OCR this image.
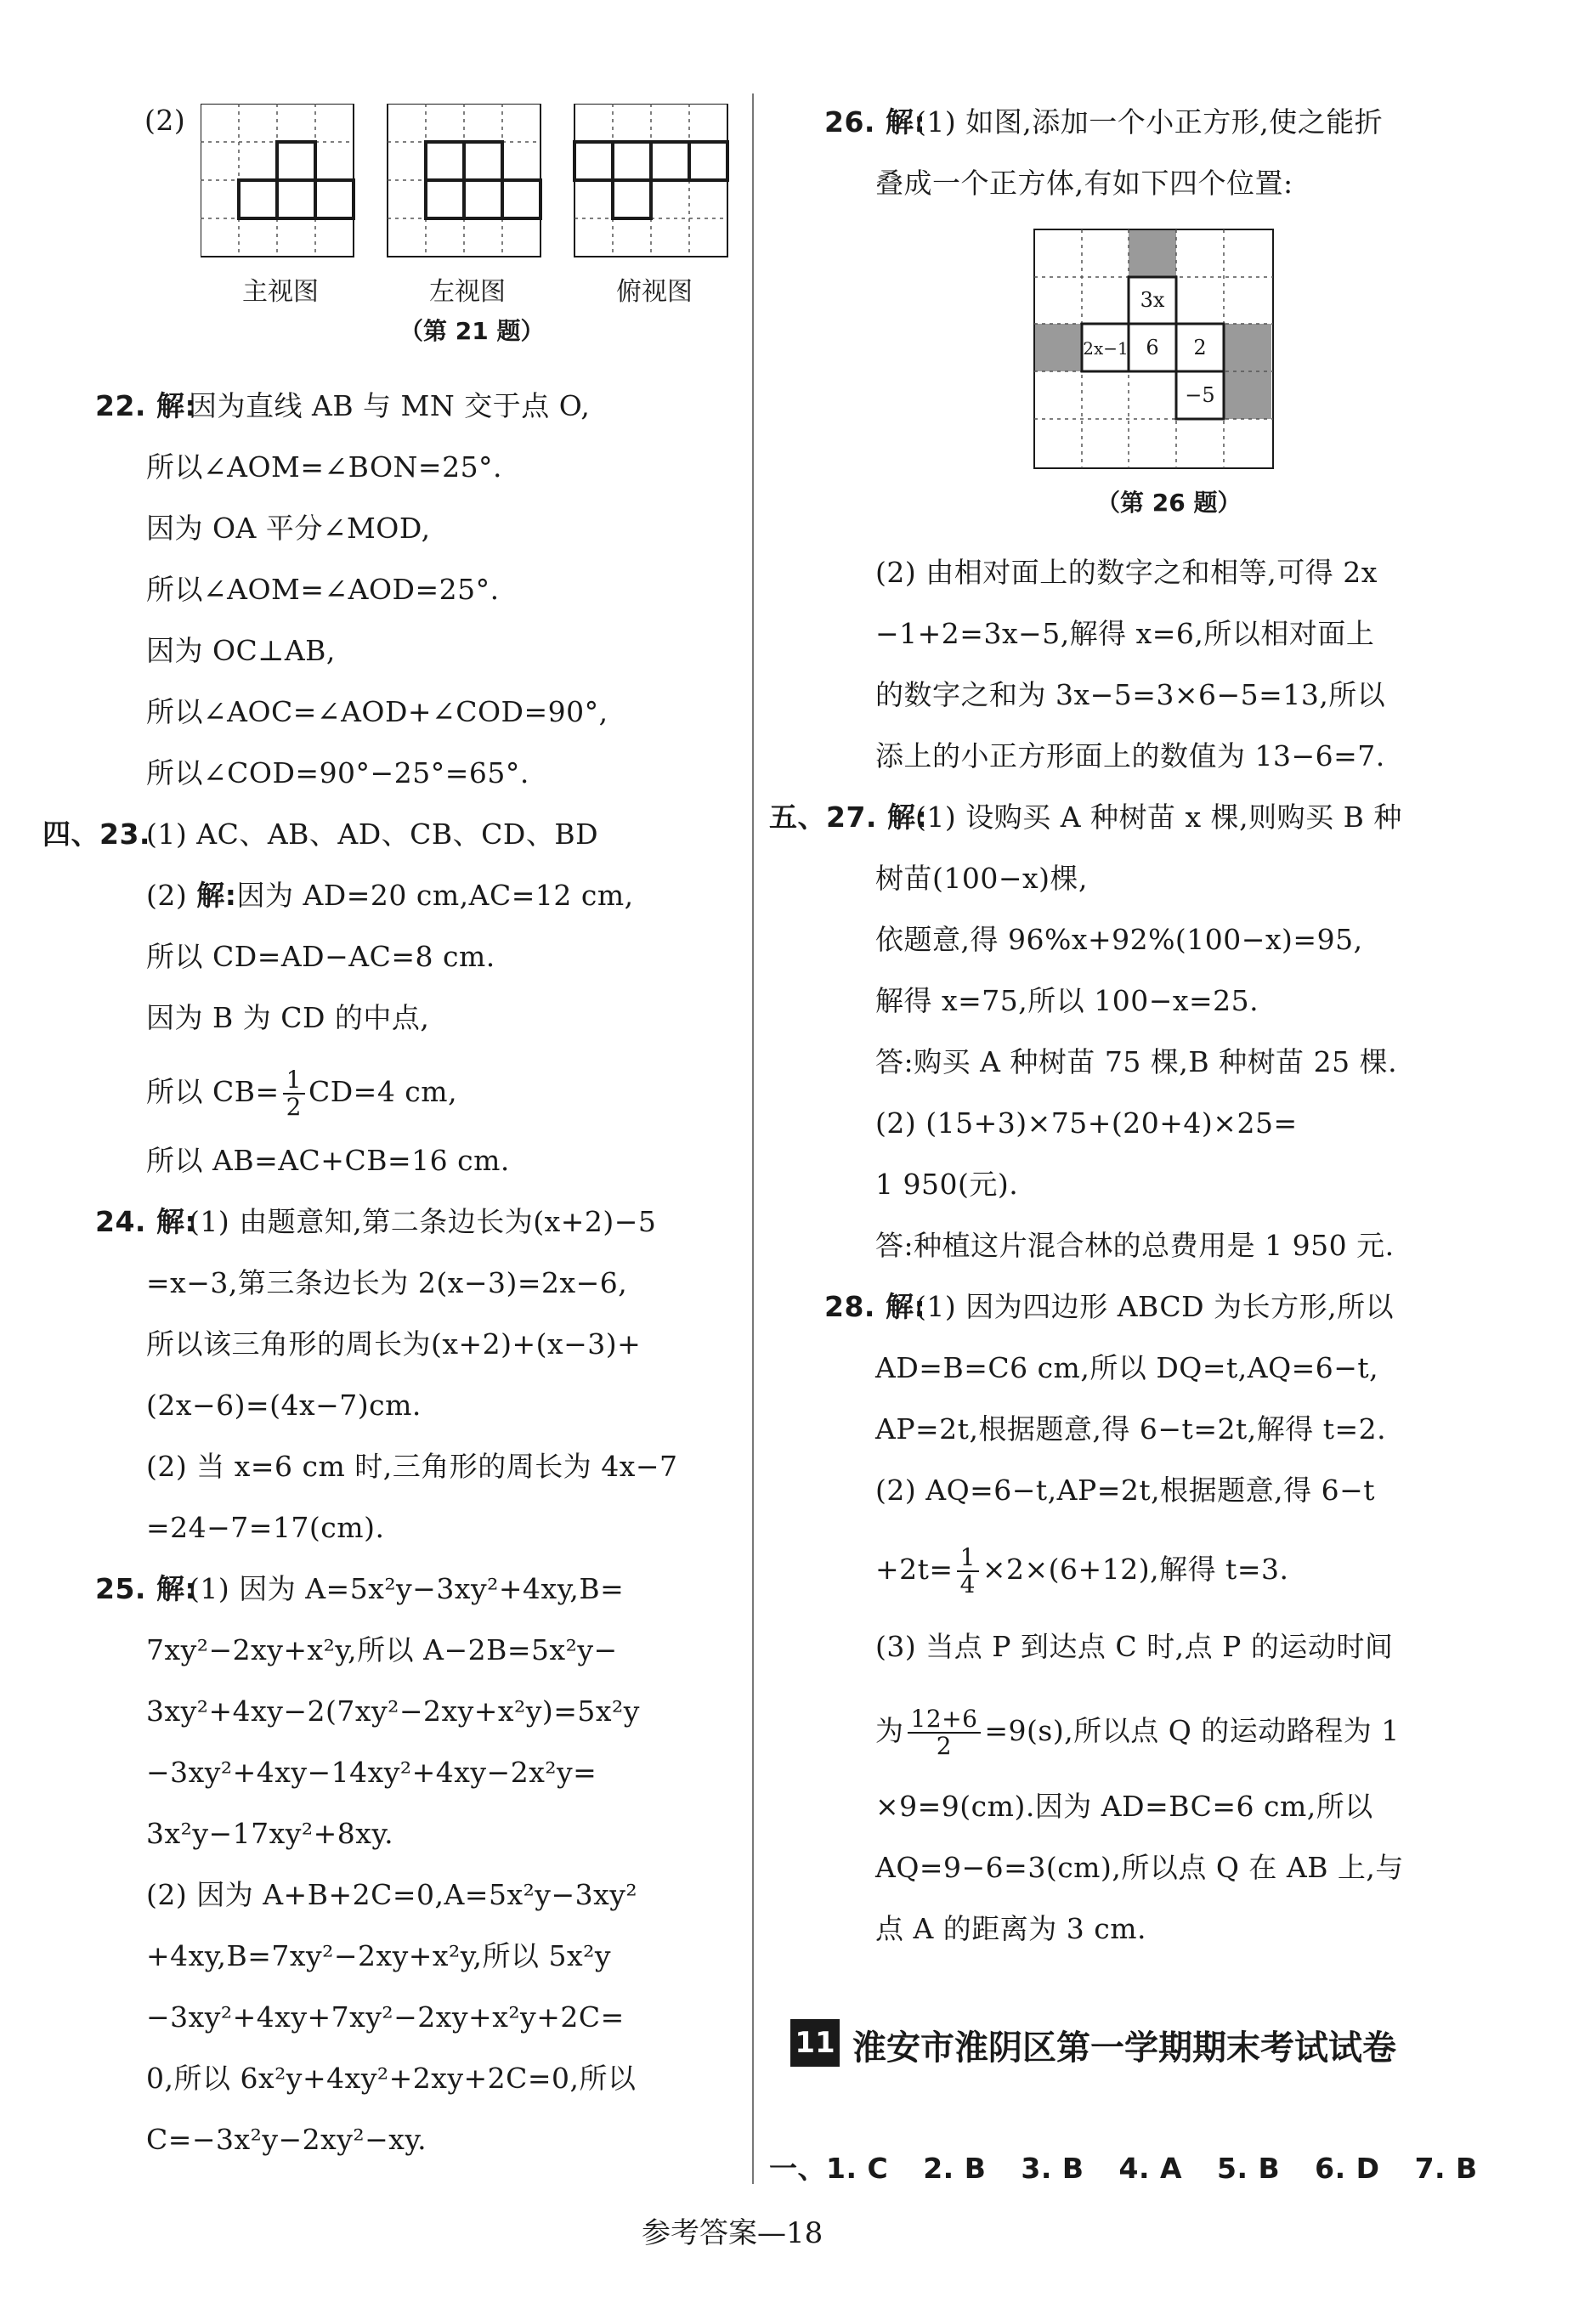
(2)
主视图	左视图	俯视图
（第 21 题）
22. 解:
因为直线 AB 与 MN 交于点 O,
所以∠AOM=∠BON=25°.
因为 OA 平分∠MOD,
所以∠AOM=∠AOD=25°.
因为 OC⊥AB,
所以∠AOC=∠AOD+∠COD=90°,
所以∠COD=90°−25°=65°.
四、23.
(1) AC、AB、AD、CB、CD、BD
(2) 解:因为 AD=20 cm,AC=12 cm,
所以 CD=AD−AC=8 cm.
因为 B 为 CD 的中点,
所以 $CB= \frac{1}{2} CD=4$ cm,
所以 AB=AC+CB=16 cm.
24. 解:
(1) 由题意知,第二条边长为(x+2)−5
=x−3,第三条边长为 2(x−3)=2x−6,
所以该三角形的周长为(x+2)+(x−3)+
(2x−6)=(4x−7)cm.
(2) 当 x=6 cm 时,三角形的周长为 4x−7
=24−7=17(cm).
25. 解:
(1) 因为 A=5x²y−3xy²+4xy,B=
7xy²−2xy+x²y,所以 A−2B=5x²y−
3xy²+4xy−2(7xy²−2xy+x²y)=5x²y
−3xy²+4xy−14xy²+4xy−2x²y=
3x²y−17xy²+8xy.
(2) 因为 A+B+2C=0,A=5x²y−3xy²
+4xy,B=7xy²−2xy+x²y,所以 5x²y
−3xy²+4xy+7xy²−2xy+x²y+2C=
0,所以 6x²y+4xy²+2xy+2C=0,所以
C=−3x²y−2xy²−xy.
26. 解:
(1) 如图,添加一个小正方形,使之能折
叠成一个正方体,有如下四个位置:
3x
2x−1 6 2
−5
（第 26 题）
(2) 由相对面上的数字之和相等,可得 2x
−1+2=3x−5,解得 x=6,所以相对面上
的数字之和为 3x−5=3×6−5=13,所以
添上的小正方形面上的数值为 13−6=7.
五、27. 解:
(1) 设购买 A 种树苗 x 棵,则购买 B 种
树苗(100−x)棵,
依题意,得 96%x+92%(100−x)=95,
解得 x=75,所以 100−x=25.
答:购买 A 种树苗 75 棵,B 种树苗 25 棵.
(2) (15+3)×75+(20+4)×25=
1 950(元).
答:种植这片混合林的总费用是 1 950 元.
28. 解:
(1) 因为四边形 ABCD 为长方形,所以
AD=B=C6 cm,所以 DQ=t,AQ=6−t,
AP=2t,根据题意,得 6−t=2t,解得 t=2.
(2) AQ=6−t,AP=2t,根据题意,得 6−t
$+2t= \frac{1}{4} \times 2\times(6+12)$,解得 t=3.
(3) 当点 P 到达点 C 时,点 P 的运动时间
为 $\frac{12+6}{2} =9(s)$,所以点 Q 的运动路程为 1
×9=9(cm).因为 AD=BC=6 cm,所以
AQ=9−6=3(cm),所以点 Q 在 AB 上,与
点 A 的距离为 3 cm.
11 淮安市淮阴区第一学期期末考试试卷
一、1. C 2. B 3. B 4. A 5. B 6. D 7. B
参考答案—18
